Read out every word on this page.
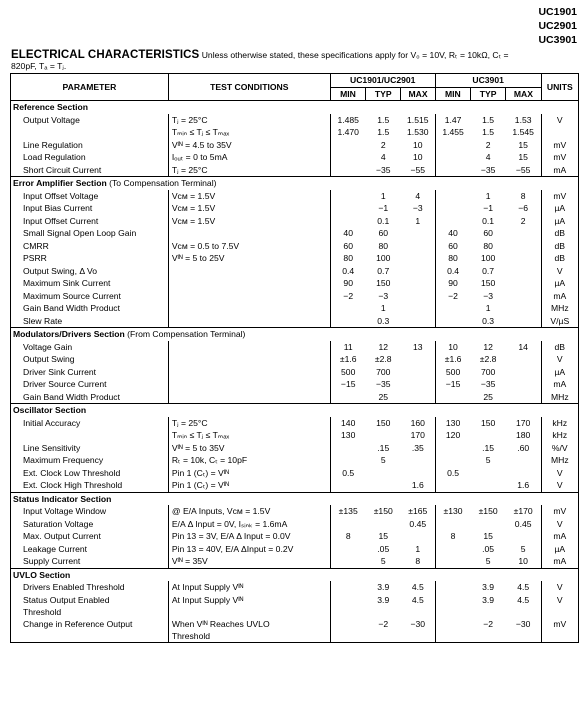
UC1901
UC2901
UC3901
ELECTRICAL CHARACTERISTICS Unless otherwise stated, these specifications apply for V₀ = 10V, Rₜ = 10kΩ, Cₜ =
820pF, Tₐ = Tⱼ.
PARAMETER	TEST CONDITIONS	UC1901/UC2901			UC3901			UNITS
		MIN	TYP	MAX	MIN	TYP	MAX	
Reference Section								
Output Voltage	Tⱼ = 25°C	1.485	1.5	1.515	1.47	1.5	1.53	V
	Tₘᵢₙ ≤ Tⱼ ≤ Tₘₐₓ	1.470	1.5	1.530	1.455	1.5	1.545	
Line Regulation	Vᴵᴺ = 4.5 to 35V		2	10		2	15	mV
Load Regulation	Iₒᵤₜ = 0 to 5mA		4	10		4	15	mV
Short Circuit Current	Tⱼ = 25°C		−35	−55		−35	−55	mA
Error Amplifier Section (To Compensation Terminal)								
Input Offset Voltage	Vᴄᴍ = 1.5V		1	4		1	8	mV
Input Bias Current	Vᴄᴍ = 1.5V		−1	−3		−1	−6	µA
Input Offset Current	Vᴄᴍ = 1.5V		0.1	1		0.1	2	µA
Small Signal Open Loop Gain		40	60		40	60		dB
CMRR	Vᴄᴍ = 0.5 to 7.5V	60	80		60	80		dB
PSRR	Vᴵᴺ = 5 to 25V	80	100		80	100		dB
Output Swing, Δ Vo		0.4	0.7		0.4	0.7		V
Maximum Sink Current		90	150		90	150		µA
Maximum Source Current		−2	−3		−2	−3		mA
Gain Band Width Product			1			1		MHz
Slew Rate			0.3			0.3		V/µS
Modulators/Drivers Section (From Compensation Terminal)								
Voltage Gain		11	12	13	10	12	14	dB
Output Swing		±1.6	±2.8		±1.6	±2.8		V
Driver Sink Current		500	700		500	700		µA
Driver Source Current		−15	−35		−15	−35		mA
Gain Band Width Product			25			25		MHz
Oscillator Section								
Initial Accuracy	Tⱼ = 25°C	140	150	160	130	150	170	kHz
	Tₘᵢₙ ≤ Tⱼ ≤ Tₘₐₓ	130		170	120		180	kHz
Line Sensitivity	Vᴵᴺ = 5 to 35V		.15	.35		.15	.60	%/V
Maximum Frequency	Rₜ = 10k, Cₜ = 10pF		5			5		MHz
Ext. Clock Low Threshold	Pin 1 (Cₜ) = Vᴵᴺ	0.5			0.5			V
Ext. Clock High Threshold	Pin 1 (Cₜ) = Vᴵᴺ			1.6			1.6	V
Status Indicator Section								
Input Voltage Window	@ E/A Inputs, Vᴄᴍ = 1.5V	±135	±150	±165	±130	±150	±170	mV
Saturation Voltage	E/A Δ Input = 0V, Iₛᵢₙₖ = 1.6mA			0.45			0.45	V
Max. Output Current	Pin 13 = 3V, E/A Δ Input = 0.0V	8	15		8	15		mA
Leakage Current	Pin 13 = 40V, E/A ΔInput = 0.2V		.05	1		.05	5	µA
Supply Current	Vᴵᴺ = 35V		5	8		5	10	mA
UVLO Section								
Drivers Enabled Threshold	At Input Supply Vᴵᴺ		3.9	4.5		3.9	4.5	V
Status Output Enabled
Threshold	At Input Supply Vᴵᴺ		3.9	4.5		3.9	4.5	V
Change in Reference Output	When Vᴵᴺ Reaches UVLO
Threshold		−2	−30		−2	−30	mV
